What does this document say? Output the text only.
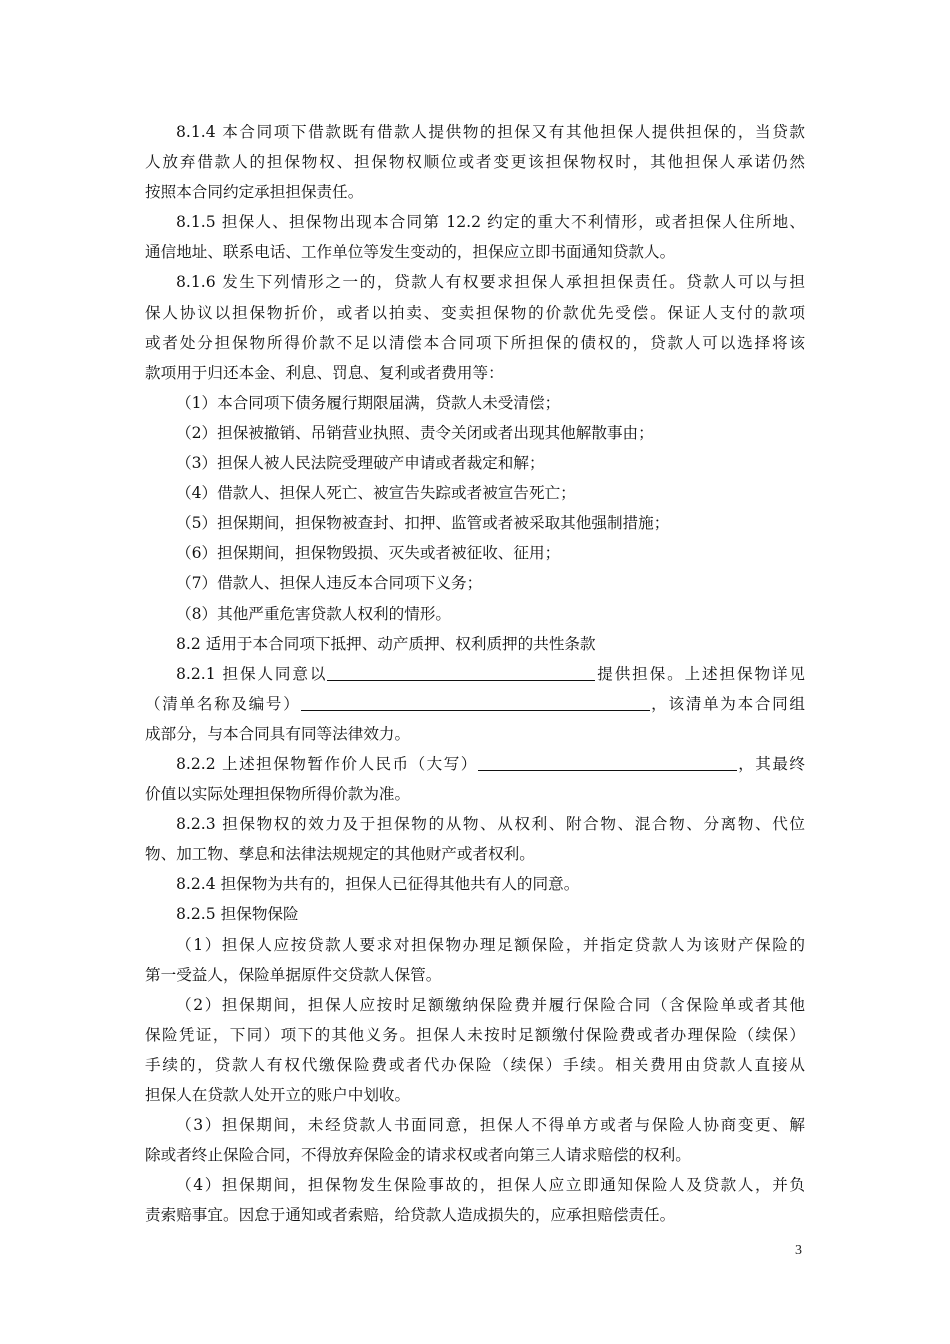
8.1.4 本合同项下借款既有借款人提供物的担保又有其他担保人提供担保的，当贷款
人放弃借款人的担保物权、担保物权顺位或者变更该担保物权时，其他担保人承诺仍然
按照本合同约定承担担保责任。
8.1.5 担保人、担保物出现本合同第 12.2 约定的重大不利情形，或者担保人住所地、
通信地址、联系电话、工作单位等发生变动的，担保应立即书面通知贷款人。
8.1.6 发生下列情形之一的，贷款人有权要求担保人承担担保责任。贷款人可以与担
保人协议以担保物折价，或者以拍卖、变卖担保物的价款优先受偿。保证人支付的款项
或者处分担保物所得价款不足以清偿本合同项下所担保的债权的，贷款人可以选择将该
款项用于归还本金、利息、罚息、复利或者费用等：
（1）本合同项下债务履行期限届满，贷款人未受清偿；
（2）担保被撤销、吊销营业执照、责令关闭或者出现其他解散事由；
（3）担保人被人民法院受理破产申请或者裁定和解；
（4）借款人、担保人死亡、被宣告失踪或者被宣告死亡；
（5）担保期间，担保物被查封、扣押、监管或者被采取其他强制措施；
（6）担保期间，担保物毁损、灭失或者被征收、征用；
（7）借款人、担保人违反本合同项下义务；
（8）其他严重危害贷款人权利的情形。
8.2 适用于本合同项下抵押、动产质押、权利质押的共性条款
8.2.1 担保人同意以	提供担保。上述担保物详见
（清单名称及编号）	，该清单为本合同组
成部分，与本合同具有同等法律效力。
8.2.2 上述担保物暂作价人民币（大写）	，其最终
价值以实际处理担保物所得价款为准。
8.2.3 担保物权的效力及于担保物的从物、从权利、附合物、混合物、分离物、代位
物、加工物、孳息和法律法规规定的其他财产或者权利。
8.2.4 担保物为共有的，担保人已征得其他共有人的同意。
8.2.5 担保物保险
（1）担保人应按贷款人要求对担保物办理足额保险，并指定贷款人为该财产保险的
第一受益人，保险单据原件交贷款人保管。
（2）担保期间，担保人应按时足额缴纳保险费并履行保险合同（含保险单或者其他
保险凭证，下同）项下的其他义务。担保人未按时足额缴付保险费或者办理保险（续保）
手续的，贷款人有权代缴保险费或者代办保险（续保）手续。相关费用由贷款人直接从
担保人在贷款人处开立的账户中划收。
（3）担保期间，未经贷款人书面同意，担保人不得单方或者与保险人协商变更、解
除或者终止保险合同，不得放弃保险金的请求权或者向第三人请求赔偿的权利。
（4）担保期间，担保物发生保险事故的，担保人应立即通知保险人及贷款人，并负
责索赔事宜。因怠于通知或者索赔，给贷款人造成损失的，应承担赔偿责任。
3
